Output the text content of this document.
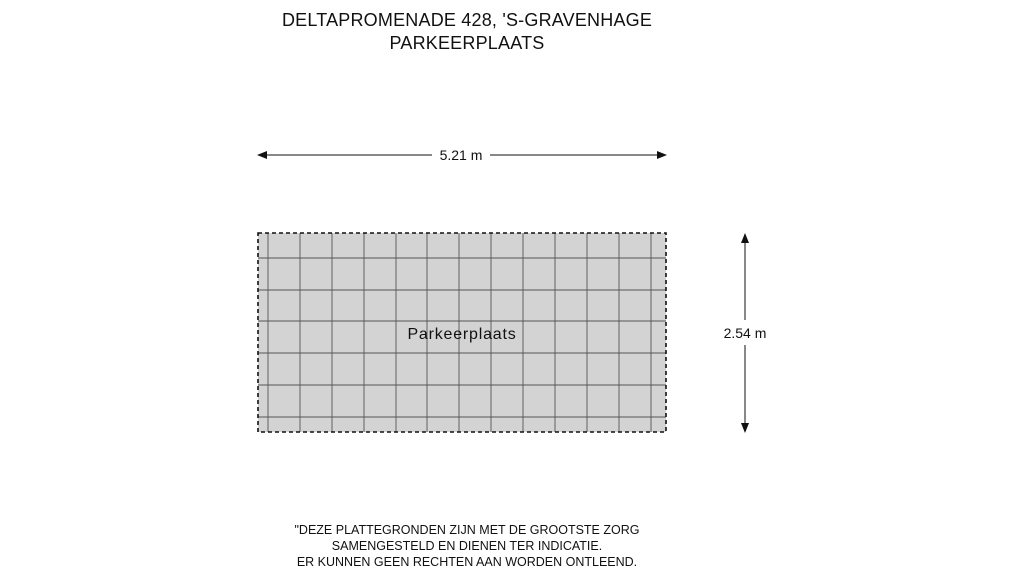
DELTAPROMENADE 428, 'S-GRAVENHAGE
PARKEERPLAATS
5.21 m
Parkeerplaats	2.54 m
"DEZE PLATTEGRONDEN ZIJN MET DE GROOTSTE ZORG
SAMENGESTELD EN DIENEN TER INDICATIE.
ER KUNNEN GEEN RECHTEN AAN WORDEN ONTLEEND.
